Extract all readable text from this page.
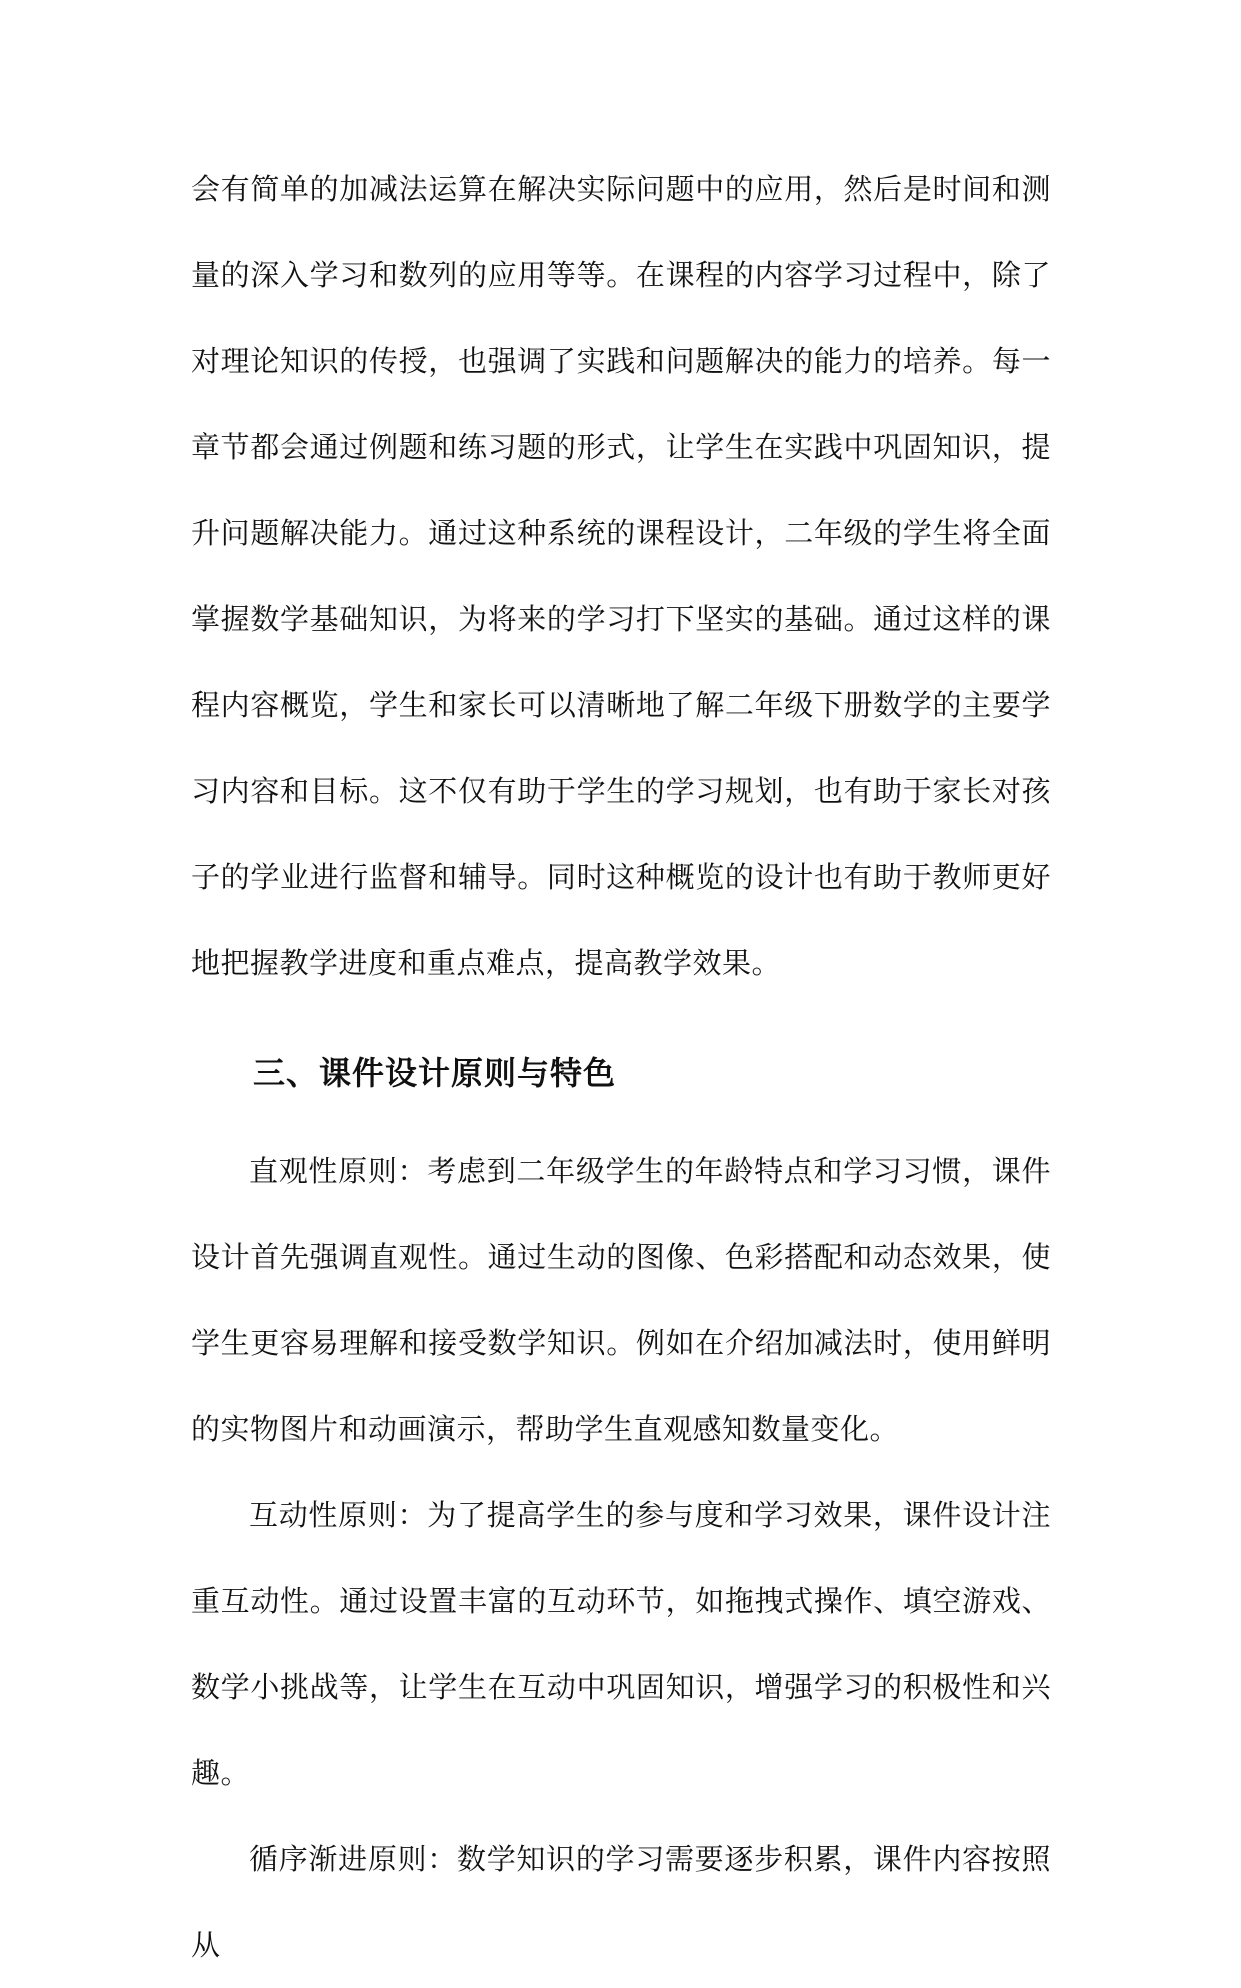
会有简单的加减法运算在解决实际问题中的应用，然后是时间和测量的深入学习和数列的应用等等。在课程的内容学习过程中，除了对理论知识的传授，也强调了实践和问题解决的能力的培养。每一章节都会通过例题和练习题的形式，让学生在实践中巩固知识，提升问题解决能力。通过这种系统的课程设计，二年级的学生将全面掌握数学基础知识，为将来的学习打下坚实的基础。通过这样的课程内容概览，学生和家长可以清晰地了解二年级下册数学的主要学习内容和目标。这不仅有助于学生的学习规划，也有助于家长对孩子的学业进行监督和辅导。同时这种概览的设计也有助于教师更好地把握教学进度和重点难点，提高教学效果。

三、课件设计原则与特色

直观性原则：考虑到二年级学生的年龄特点和学习习惯，课件设计首先强调直观性。通过生动的图像、色彩搭配和动态效果，使学生更容易理解和接受数学知识。例如在介绍加减法时，使用鲜明的实物图片和动画演示，帮助学生直观感知数量变化。

互动性原则：为了提高学生的参与度和学习效果，课件设计注重互动性。通过设置丰富的互动环节，如拖拽式操作、填空游戏、数学小挑战等，让学生在互动中巩固知识，增强学习的积极性和兴趣。

循序渐进原则：数学知识的学习需要逐步积累，课件内容按照从
